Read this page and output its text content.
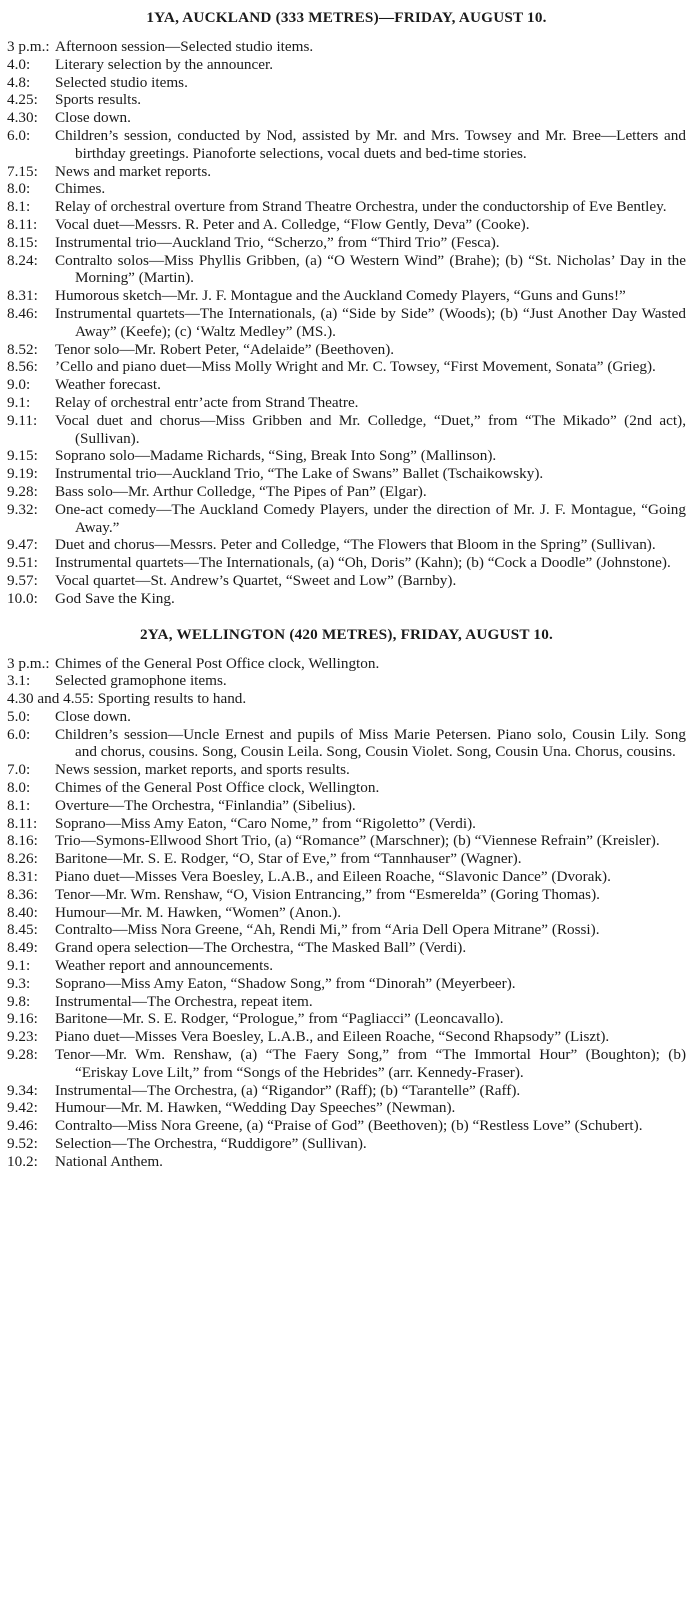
1YA, AUCKLAND (333 METRES)—FRIDAY, AUGUST 10.
3 p.m.: Afternoon session—Selected studio items.
4.0: Literary selection by the announcer.
4.8: Selected studio items.
4.25: Sports results.
4.30: Close down.
6.0: Children’s session, conducted by Nod, assisted by Mr. and Mrs. Towsey and Mr. Bree—Letters and birthday greetings. Pianoforte selections, vocal duets and bed-time stories.
7.15: News and market reports.
8.0: Chimes.
8.1: Relay of orchestral overture from Strand Theatre Orchestra, under the conductorship of Eve Bentley.
8.11: Vocal duet—Messrs. R. Peter and A. Colledge, “Flow Gently, Deva” (Cooke).
8.15: Instrumental trio—Auckland Trio, “Scherzo,” from “Third Trio” (Fesca).
8.24: Contralto solos—Miss Phyllis Gribben, (a) “O Western Wind” (Brahe); (b) “St. Nicholas’ Day in the Morning” (Martin).
8.31: Humorous sketch—Mr. J. F. Montague and the Auckland Comedy Players, “Guns and Guns!”
8.46: Instrumental quartets—The Internationals, (a) “Side by Side” (Woods); (b) “Just Another Day Wasted Away” (Keefe); (c) ‘Waltz Medley” (MS.).
8.52: Tenor solo—Mr. Robert Peter, “Adelaide” (Beethoven).
8.56: ’Cello and piano duet—Miss Molly Wright and Mr. C. Towsey, “First Movement, Sonata” (Grieg).
9.0: Weather forecast.
9.1: Relay of orchestral entr’acte from Strand Theatre.
9.11: Vocal duet and chorus—Miss Gribben and Mr. Colledge, “Duet,” from “The Mikado” (2nd act), (Sullivan).
9.15: Soprano solo—Madame Richards, “Sing, Break Into Song” (Mallinson).
9.19: Instrumental trio—Auckland Trio, “The Lake of Swans” Ballet (Tschaikowsky).
9.28: Bass solo—Mr. Arthur Colledge, “The Pipes of Pan” (Elgar).
9.32: One-act comedy—The Auckland Comedy Players, under the direction of Mr. J. F. Montague, “Going Away.”
9.47: Duet and chorus—Messrs. Peter and Colledge, “The Flowers that Bloom in the Spring” (Sullivan).
9.51: Instrumental quartets—The Internationals, (a) “Oh, Doris” (Kahn); (b) “Cock a Doodle” (Johnstone).
9.57: Vocal quartet—St. Andrew’s Quartet, “Sweet and Low” (Barnby).
10.0: God Save the King.
2YA, WELLINGTON (420 METRES), FRIDAY, AUGUST 10.
3 p.m.: Chimes of the General Post Office clock, Wellington.
3.1: Selected gramophone items.
4.30 and 4.55: Sporting results to hand.
5.0: Close down.
6.0: Children’s session—Uncle Ernest and pupils of Miss Marie Petersen. Piano solo, Cousin Lily. Song and chorus, cousins. Song, Cousin Leila. Song, Cousin Violet. Song, Cousin Una. Chorus, cousins.
7.0: News session, market reports, and sports results.
8.0: Chimes of the General Post Office clock, Wellington.
8.1: Overture—The Orchestra, “Finlandia” (Sibelius).
8.11: Soprano—Miss Amy Eaton, “Caro Nome,” from “Rigoletto” (Verdi).
8.16: Trio—Symons-Ellwood Short Trio, (a) “Romance” (Marschner); (b) “Viennese Refrain” (Kreisler).
8.26: Baritone—Mr. S. E. Rodger, “O, Star of Eve,” from “Tannhauser” (Wagner).
8.31: Piano duet—Misses Vera Boesley, L.A.B., and Eileen Roache, “Slavonic Dance” (Dvorak).
8.36: Tenor—Mr. Wm. Renshaw, “O, Vision Entrancing,” from “Esmerelda” (Goring Thomas).
8.40: Humour—Mr. M. Hawken, “Women” (Anon.).
8.45: Contralto—Miss Nora Greene, “Ah, Rendi Mi,” from “Aria Dell Opera Mitrane” (Rossi).
8.49: Grand opera selection—The Orchestra, “The Masked Ball” (Verdi).
9.1: Weather report and announcements.
9.3: Soprano—Miss Amy Eaton, “Shadow Song,” from “Dinorah” (Meyerbeer).
9.8: Instrumental—The Orchestra, repeat item.
9.16: Baritone—Mr. S. E. Rodger, “Prologue,” from “Pagliacci” (Leoncavallo).
9.23: Piano duet—Misses Vera Boesley, L.A.B., and Eileen Roache, “Second Rhapsody” (Liszt).
9.28: Tenor—Mr. Wm. Renshaw, (a) “The Faery Song,” from “The Immortal Hour” (Boughton); (b) “Eriskay Love Lilt,” from “Songs of the Hebrides” (arr. Kennedy-Fraser).
9.34: Instrumental—The Orchestra, (a) “Rigandor” (Raff); (b) “Tarantelle” (Raff).
9.42: Humour—Mr. M. Hawken, “Wedding Day Speeches” (Newman).
9.46: Contralto—Miss Nora Greene, (a) “Praise of God” (Beethoven); (b) “Restless Love” (Schubert).
9.52: Selection—The Orchestra, “Ruddigore” (Sullivan).
10.2: National Anthem.
